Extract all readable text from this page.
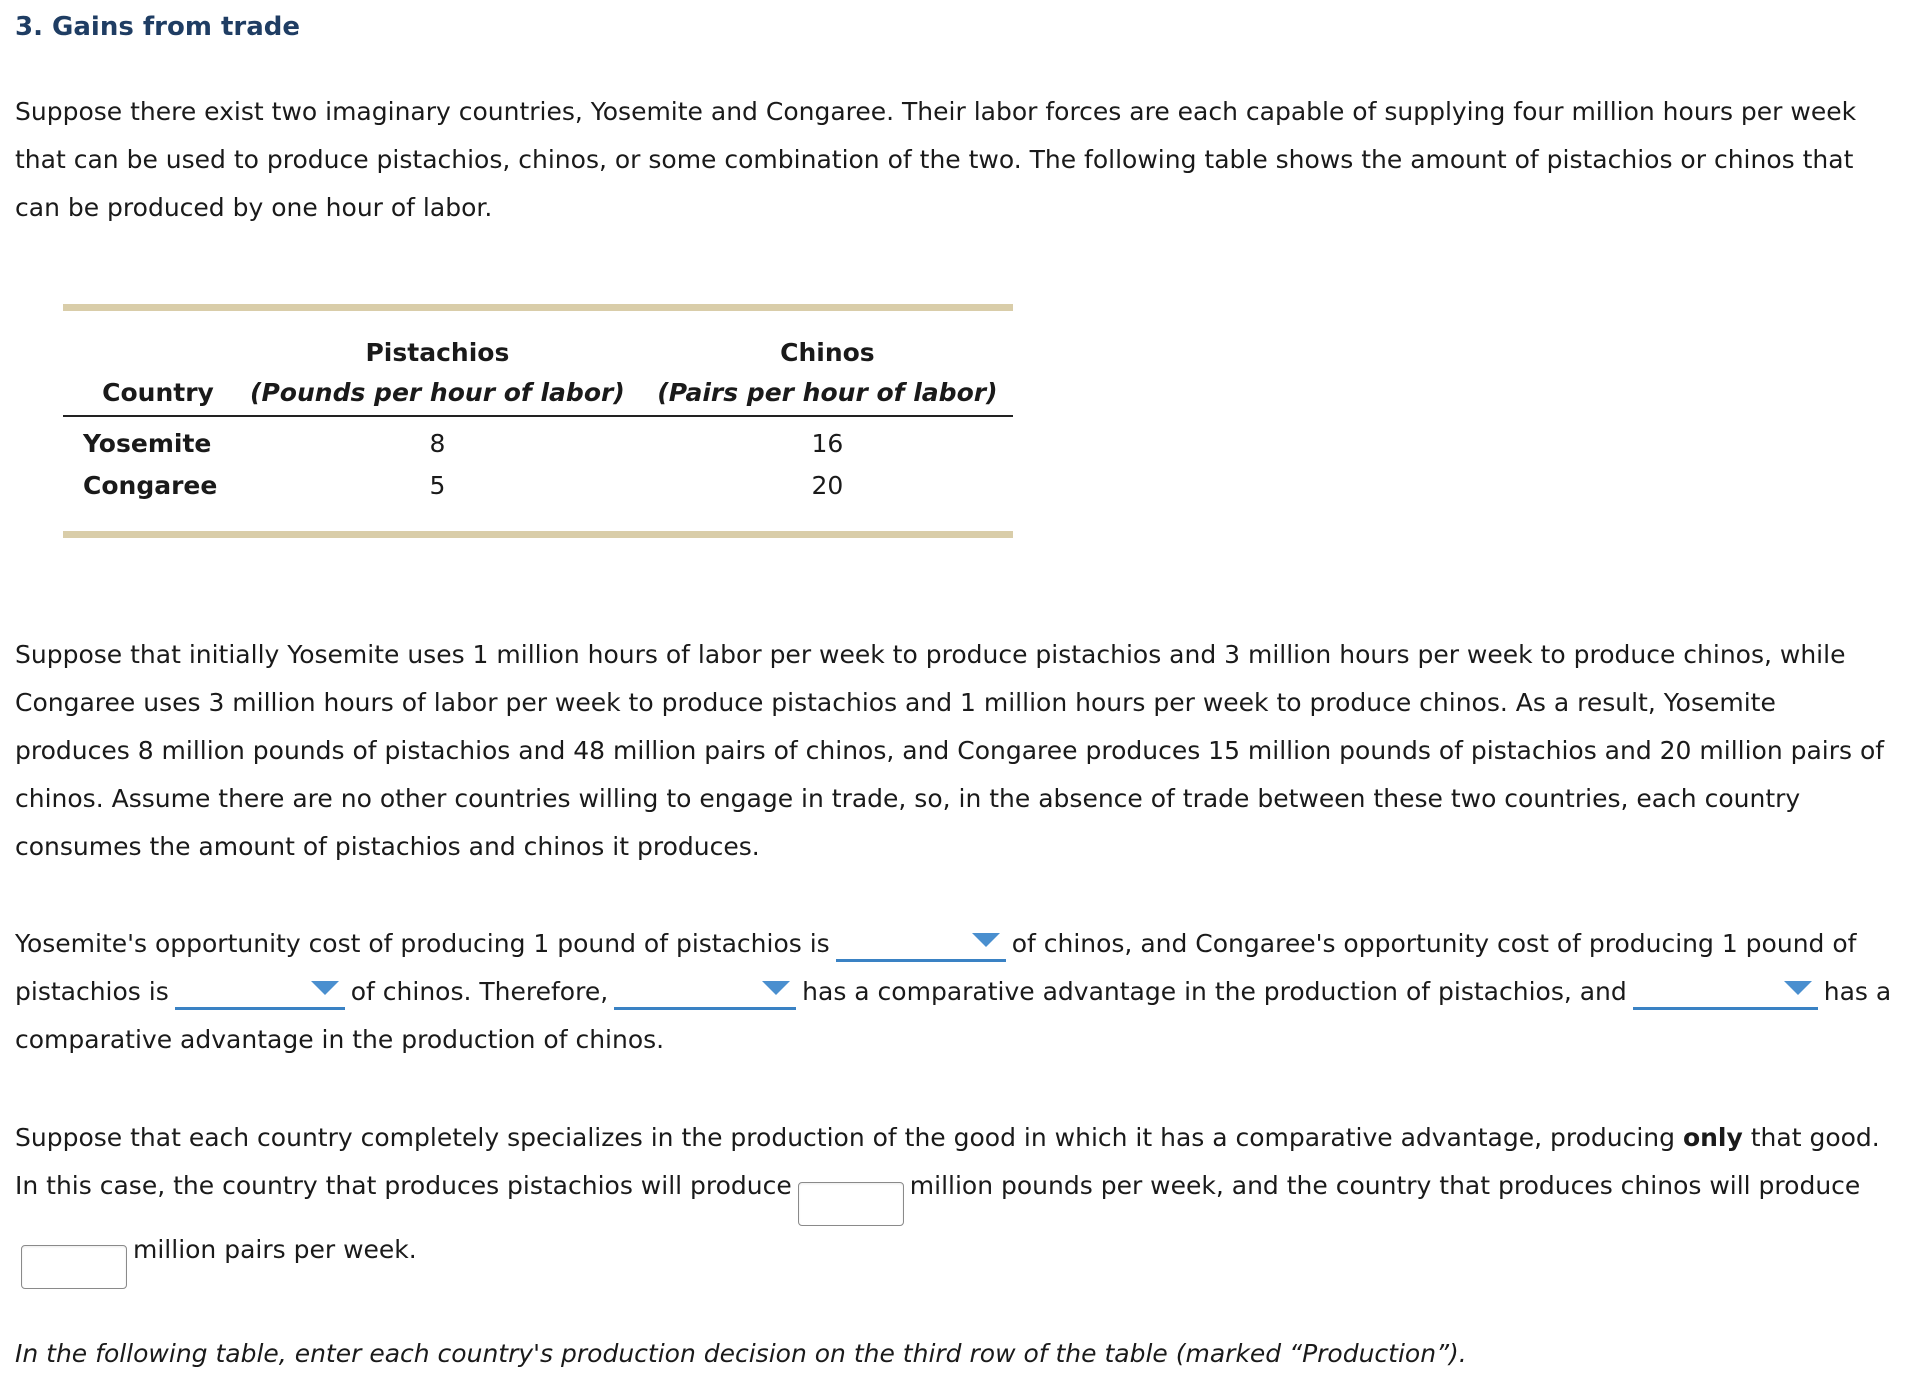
3. Gains from trade

Suppose there exist two imaginary countries, Yosemite and Congaree. Their labor forces are each capable of supplying four million hours per week that can be used to produce pistachios, chinos, or some combination of the two. The following table shows the amount of pistachios or chinos that can be produced by one hour of labor.

	Pistachios	Chinos
Country	(Pounds per hour of labor)	(Pairs per hour of labor)
Yosemite	8	16
Congaree	5	20

Suppose that initially Yosemite uses 1 million hours of labor per week to produce pistachios and 3 million hours per week to produce chinos, while Congaree uses 3 million hours of labor per week to produce pistachios and 1 million hours per week to produce chinos. As a result, Yosemite produces 8 million pounds of pistachios and 48 million pairs of chinos, and Congaree produces 15 million pounds of pistachios and 20 million pairs of chinos. Assume there are no other countries willing to engage in trade, so, in the absence of trade between these two countries, each country consumes the amount of pistachios and chinos it produces.

Yosemite's opportunity cost of producing 1 pound of pistachios is	of chinos, and Congaree's opportunity cost of producing 1 pound of pistachios is	of chinos. Therefore,	has a comparative advantage in the production of pistachios, and	has a comparative advantage in the production of chinos.

Suppose that each country completely specializes in the production of the good in which it has a comparative advantage, producing only that good. In this case, the country that produces pistachios will produce	million pounds per week, and the country that produces chinos will producemillion pairs per week.

In the following table, enter each country's production decision on the third row of the table (marked “Production”).
